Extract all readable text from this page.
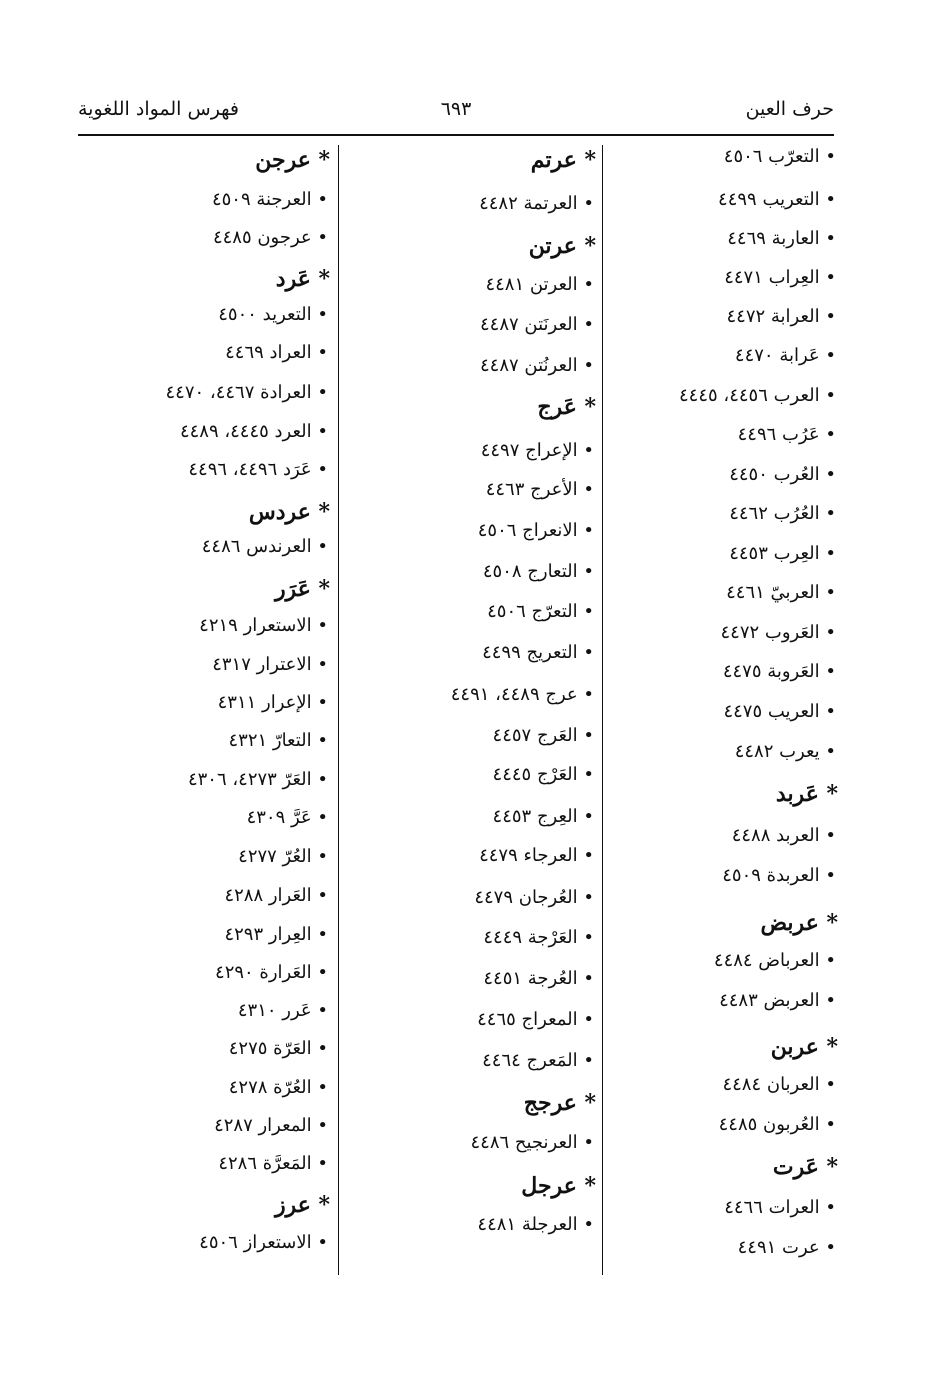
حرف العين
٦٩٣
فهرس المواد اللغوية
• التعرّب ٤٥٠٦
• التعريب ٤٤٩٩
• العاربة ٤٤٦٩
• العِراب ٤٤٧١
• العرابة ٤٤٧٢
• عَرابة ٤٤٧٠
• العرب ٤٤٥٦، ٤٤٤٥
• عَرُب ٤٤٩٦
• العُرب ٤٤٥٠
• العُرُب ٤٤٦٢
• العِرب ٤٤٥٣
• العربيّ ٤٤٦١
• العَروب ٤٤٧٢
• العَروبة ٤٤٧٥
• العريب ٤٤٧٥
• يعرب ٤٤٨٢
* عَربد
• العربد ٤٤٨٨
• العربدة ٤٥٠٩
* عربض
• العرباض ٤٤٨٤
• العربض ٤٤٨٣
* عربن
• العربان ٤٤٨٤
• العُربون ٤٤٨٥
* عَرت
• العرات ٤٤٦٦
• عرت ٤٤٩١
* عرتم
• العرتمة ٤٤٨٢
* عرتن
• العرتن ٤٤٨١
• العرنَتن ٤٤٨٧
• العرنُتن ٤٤٨٧
* عَرج
• الإعراج ٤٤٩٧
• الأعرج ٤٤٦٣
• الانعراج ٤٥٠٦
• التعارج ٤٥٠٨
• التعرّج ٤٥٠٦
• التعريج ٤٤٩٩
• عرج ٤٤٨٩، ٤٤٩١
• العَرج ٤٤٥٧
• العَرْج ٤٤٤٥
• العِرج ٤٤٥٣
• العرجاء ٤٤٧٩
• العُرجان ٤٤٧٩
• العَرْجة ٤٤٤٩
• العُرجة ٤٤٥١
• المعراج ٤٤٦٥
• المَعرج ٤٤٦٤
* عرجج
• العرنجيح ٤٤٨٦
* عرجل
• العرجلة ٤٤٨١
* عرجن
• العرجنة ٤٥٠٩
• عرجون ٤٤٨٥
* عَرد
• التعريد ٤٥٠٠
• العراد ٤٤٦٩
• العرادة ٤٤٦٧، ٤٤٧٠
• العرد ٤٤٤٥، ٤٤٨٩
• عَرَد ٤٤٩٦، ٤٤٩٦
* عردس
• العرندس ٤٤٨٦
* عَرَر
• الاستعرار ٤٢١٩
• الاعترار ٤٣١٧
• الإعرار ٤٣١١
• التعارّ ٤٣٢١
• العَرّ ٤٢٧٣، ٤٣٠٦
• عَرَّ ٤٣٠٩
• العُرّ ٤٢٧٧
• العَرار ٤٢٨٨
• العِرار ٤٢٩٣
• العَرارة ٤٢٩٠
• عَرر ٤٣١٠
• العَرّة ٤٢٧٥
• العُرّة ٤٢٧٨
• المعرار ٤٢٨٧
• المَعرَّة ٤٢٨٦
* عرز
• الاستعراز ٤٥٠٦
